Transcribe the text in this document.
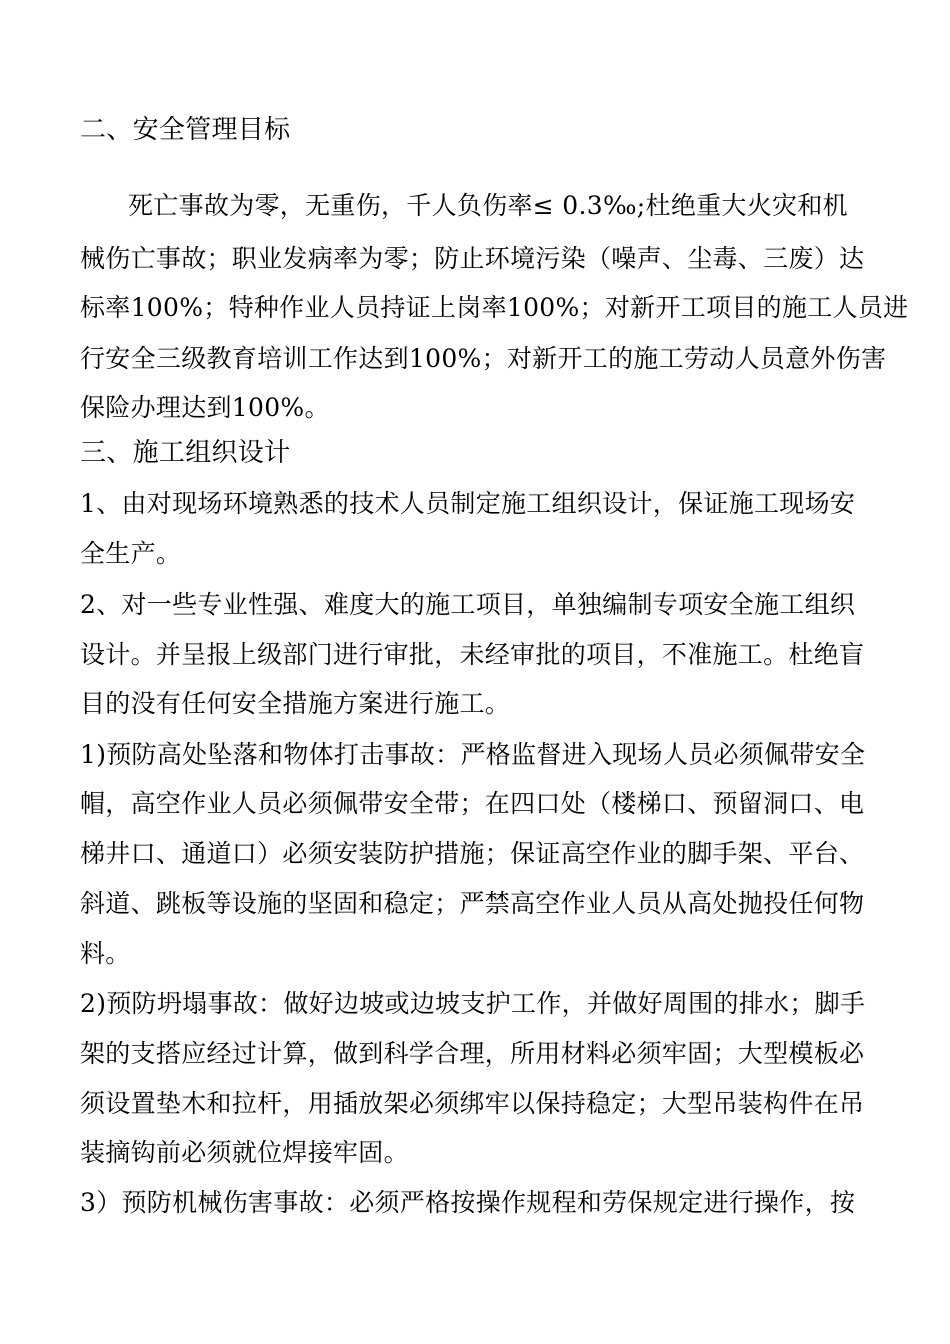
二、安全管理目标
死亡事故为零，无重伤，千人负伤率≤ 0.3‰;杜绝重大火灾和机
械伤亡事故；职业发病率为零；防止环境污染（噪声、尘毒、三废）达
标率100%；特种作业人员持证上岗率100%；对新开工项目的施工人员进
行安全三级教育培训工作达到100%；对新开工的施工劳动人员意外伤害
保险办理达到100%。
三、施工组织设计
1、由对现场环境熟悉的技术人员制定施工组织设计，保证施工现场安
全生产。
2、对一些专业性强、难度大的施工项目，单独编制专项安全施工组织
设计。并呈报上级部门进行审批，未经审批的项目，不准施工。杜绝盲
目的没有任何安全措施方案进行施工。
1)预防高处坠落和物体打击事故：严格监督进入现场人员必须佩带安全
帽，高空作业人员必须佩带安全带；在四口处（楼梯口、预留洞口、电
梯井口、通道口）必须安装防护措施；保证高空作业的脚手架、平台、
斜道、跳板等设施的坚固和稳定；严禁高空作业人员从高处抛投任何物
料。
2)预防坍塌事故：做好边坡或边坡支护工作，并做好周围的排水；脚手
架的支搭应经过计算，做到科学合理，所用材料必须牢固；大型模板必
须设置垫木和拉杆，用插放架必须绑牢以保持稳定；大型吊装构件在吊
装摘钩前必须就位焊接牢固。
3）预防机械伤害事故：必须严格按操作规程和劳保规定进行操作，按
